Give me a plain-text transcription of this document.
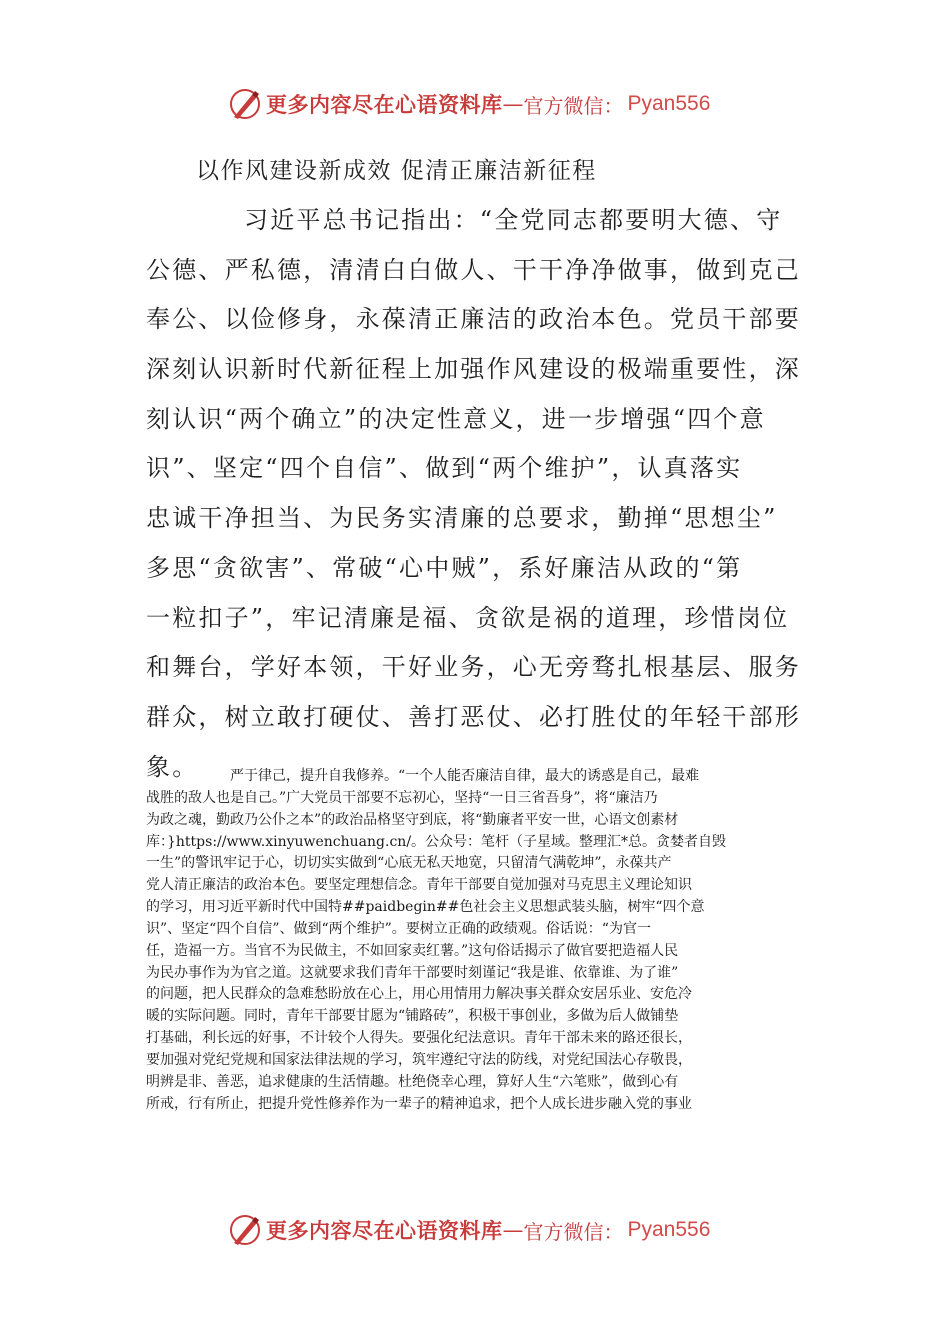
更多内容尽在心语资料库 — 官方微信： Pyan556
以作风建设新成效 促清正廉洁新征程
习近平总书记指出：“全党同志都要明大德、守
公德、严私德，清清白白做人、干干净净做事，做到克己
奉公、以俭修身，永葆清正廉洁的政治本色。党员干部要
深刻认识新时代新征程上加强作风建设的极端重要性，深
刻认识“两个确立”的决定性意义，进一步增强“四个意
识”、坚定“四个自信”、做到“两个维护”，认真落实
忠诚干净担当、为民务实清廉的总要求，勤掸“思想尘”
多思“贪欲害”、常破“心中贼”，系好廉洁从政的“第
一粒扣子”，牢记清廉是福、贪欲是祸的道理，珍惜岗位
和舞台，学好本领，干好业务，心无旁骛扎根基层、服务
群众，树立敢打硬仗、善打恶仗、必打胜仗的年轻干部形
象。	严于律己，提升自我修养。“一个人能否廉洁自律，最大的诱惑是自己，最难
战胜的敌人也是自己。”广大党员干部要不忘初心，坚持“一日三省吾身”，将“廉洁乃
为政之魂，勤政乃公仆之本”的政治品格坚守到底，将“勤廉者平安一世，心语文创素材
库：}https://www.xinyuwenchuang.cn/。公众号：笔杆（子星域。整理汇*总。贪婪者自毁
一生”的警讯牢记于心，切切实实做到“心底无私天地宽，只留清气满乾坤”，永葆共产
党人清正廉洁的政治本色。要坚定理想信念。青年干部要自觉加强对马克思主义理论知识
的学习，用习近平新时代中国特##paidbegin##色社会主义思想武装头脑，树牢“四个意
识”、坚定“四个自信”、做到“两个维护”。要树立正确的政绩观。俗话说：“为官一
任，造福一方。当官不为民做主，不如回家卖红薯。”这句俗话揭示了做官要把造福人民
为民办事作为为官之道。这就要求我们青年干部要时刻谨记“我是谁、依靠谁、为了谁”
的问题，把人民群众的急难愁盼放在心上，用心用情用力解决事关群众安居乐业、安危冷
暖的实际问题。同时，青年干部要甘愿为“铺路砖”，积极干事创业，多做为后人做铺垫
打基础，利长远的好事，不计较个人得失。要强化纪法意识。青年干部未来的路还很长，
要加强对党纪党规和国家法律法规的学习，筑牢遵纪守法的防线，对党纪国法心存敬畏，
明辨是非、善恶，追求健康的生活情趣。杜绝侥幸心理，算好人生“六笔账”，做到心有
所戒，行有所止，把提升党性修养作为一辈子的精神追求，把个人成长进步融入党的事业
更多内容尽在心语资料库 — 官方微信： Pyan556
